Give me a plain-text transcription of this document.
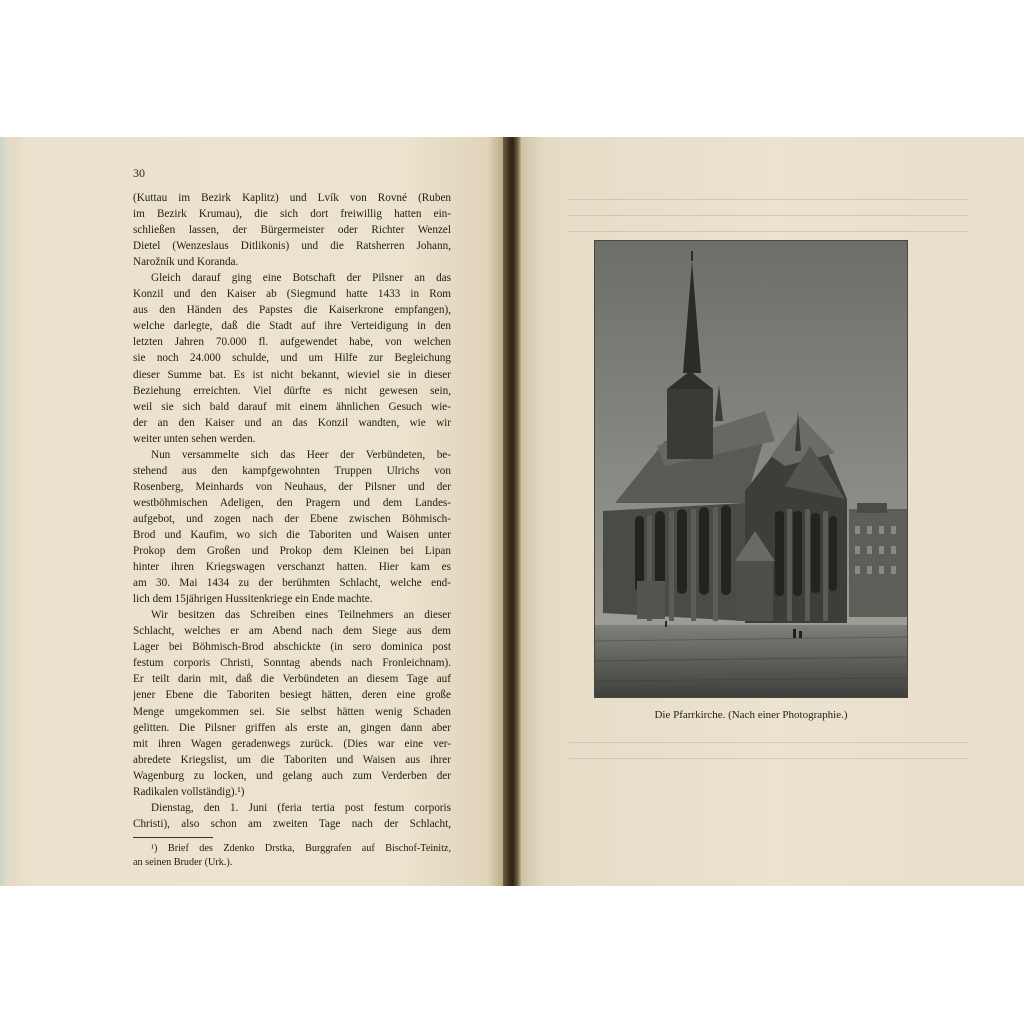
30
(Kuttau im Bezirk Kaplitz) und Lvík von Rovné (Ruben
im Bezirk Krumau), die sich dort freiwillig hatten ein-
schließen lassen, der Bürgermeister oder Richter Wenzel
Dietel (Wenzeslaus Ditlikonis) und die Ratsherren Johann,
Narožník und Koranda.
Gleich darauf ging eine Botschaft der Pilsner an das
Konzil und den Kaiser ab (Siegmund hatte 1433 in Rom
aus den Händen des Papstes die Kaiserkrone empfangen),
welche darlegte, daß die Stadt auf ihre Verteidigung in den
letzten Jahren 70.000 fl. aufgewendet habe, von welchen
sie noch 24.000 schulde, und um Hilfe zur Begleichung
dieser Summe bat. Es ist nicht bekannt, wieviel sie in dieser
Beziehung erreichten. Viel dürfte es nicht gewesen sein,
weil sie sich bald darauf mit einem ähnlichen Gesuch wie-
der an den Kaiser und an das Konzil wandten, wie wir
weiter unten sehen werden.
Nun versammelte sich das Heer der Verbündeten, be-
stehend aus den kampfgewohnten Truppen Ulrichs von
Rosenberg, Meinhards von Neuhaus, der Pilsner und der
westböhmischen Adeligen, den Pragern und dem Landes-
aufgebot, und zogen nach der Ebene zwischen Böhmisch-
Brod und Kaufim, wo sich die Taboriten und Waisen unter
Prokop dem Großen und Prokop dem Kleinen bei Lipan
hinter ihren Kriegswagen verschanzt hatten. Hier kam es
am 30. Mai 1434 zu der berühmten Schlacht, welche end-
lich dem 15jährigen Hussitenkriege ein Ende machte.
Wir besitzen das Schreiben eines Teilnehmers an dieser
Schlacht, welches er am Abend nach dem Siege aus dem
Lager bei Böhmisch-Brod abschickte (in sero dominica post
festum corporis Christi, Sonntag abends nach Fronleichnam).
Er teilt darin mit, daß die Verbündeten an diesem Tage auf
jener Ebene die Taboriten besiegt hätten, deren eine große
Menge umgekommen sei. Sie selbst hätten wenig Schaden
gelitten. Die Pilsner griffen als erste an, gingen dann aber
mit ihren Wagen geradenwegs zurück. (Dies war eine ver-
abredete Kriegslist, um die Taboriten und Waisen aus ihrer
Wagenburg zu locken, und gelang auch zum Verderben der
Radikalen vollständig).¹)
Dienstag, den 1. Juni (feria tertia post festum corporis
Christi), also schon am zweiten Tage nach der Schlacht,
¹) Brief des Zdenko Drstka, Burggrafen auf Bischof-Teinitz,
an seinen Bruder (Urk.).
Die Pfarrkirche. (Nach einer Photographie.)
